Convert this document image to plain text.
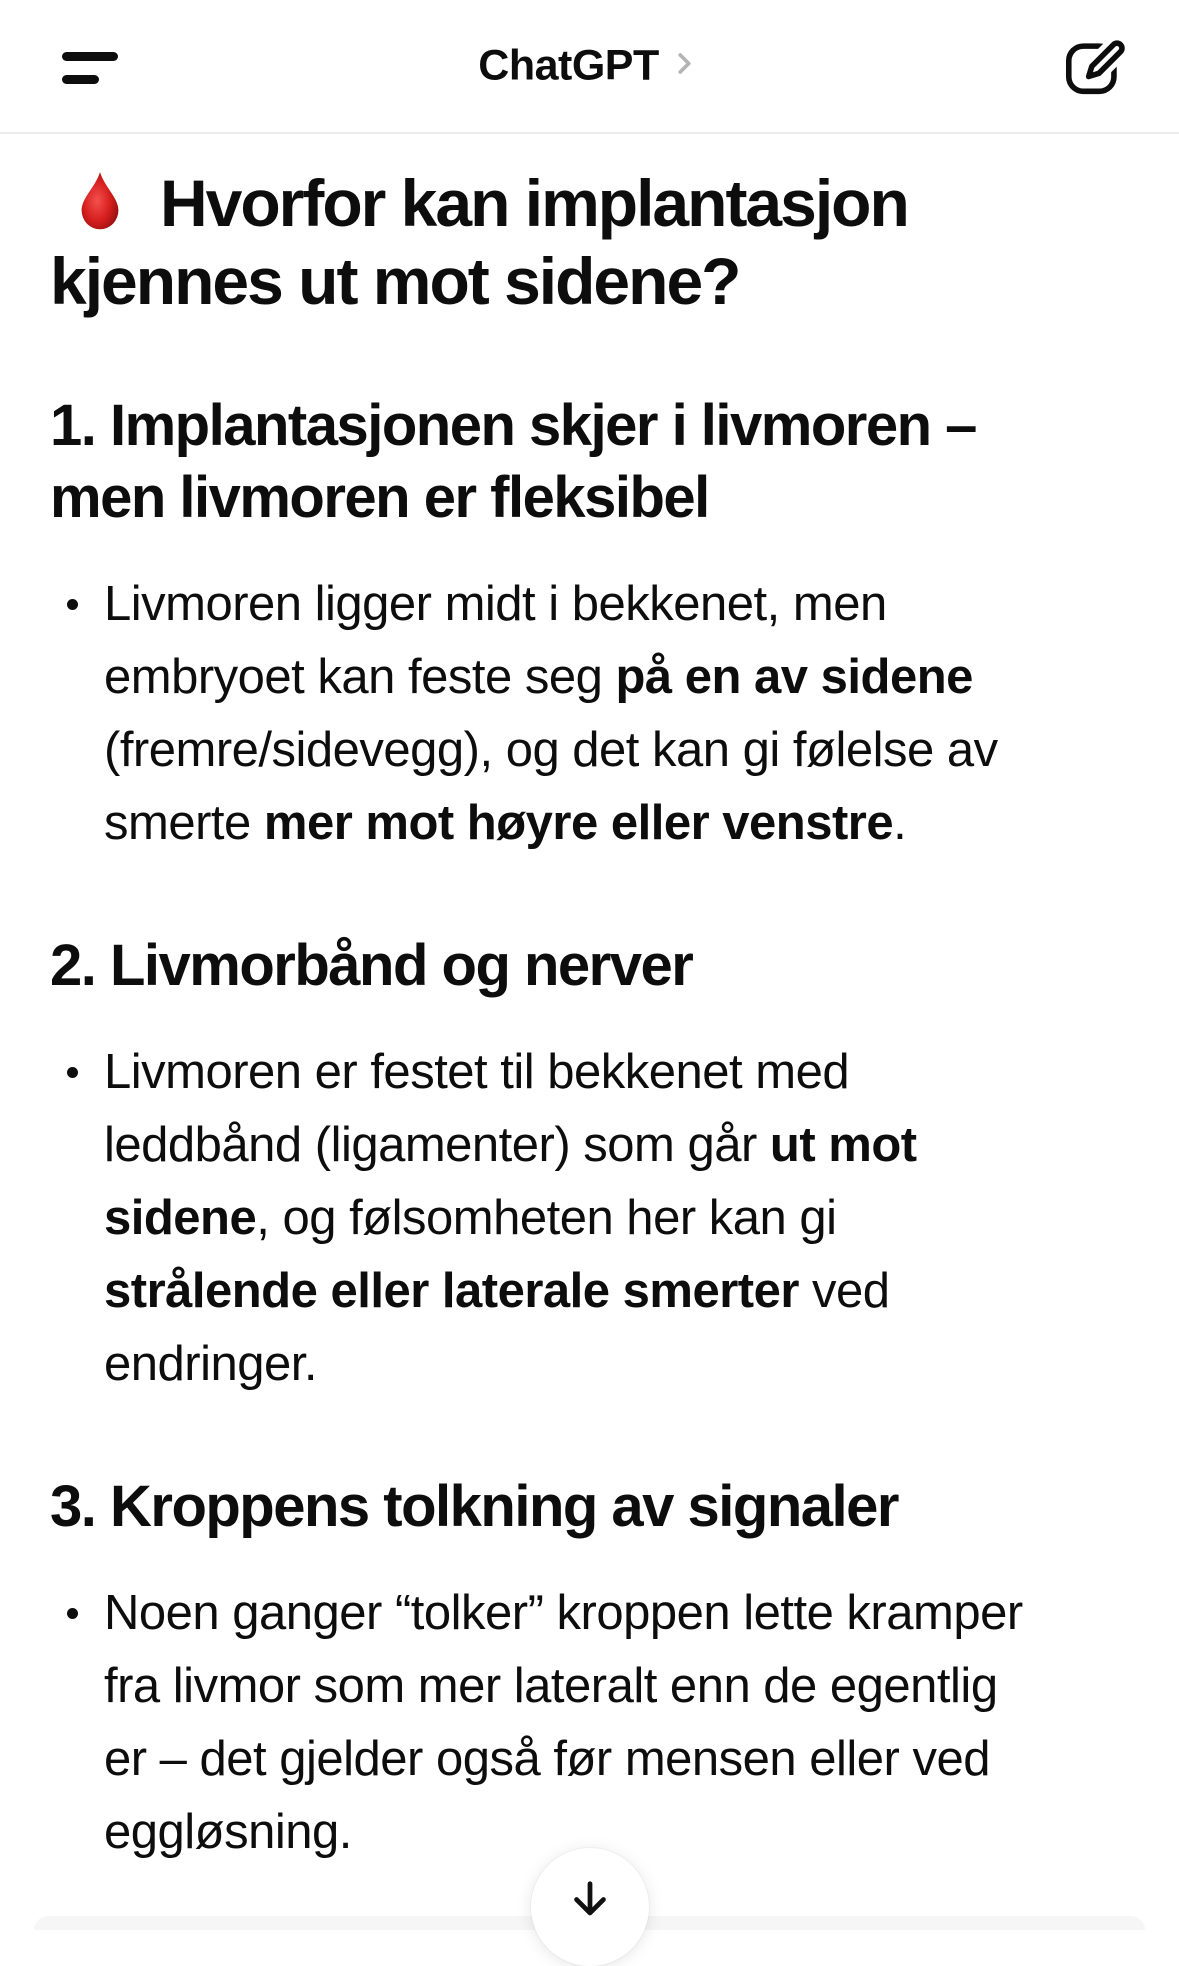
ChatGPT
Hvorfor kan implantasjon
kjennes ut mot sidene?
1. Implantasjonen skjer i livmoren –
men livmoren er fleksibel
Livmoren ligger midt i bekkenet, men
embryoet kan feste seg på en av sidene
(fremre/sidevegg), og det kan gi følelse av
smerte mer mot høyre eller venstre.
2. Livmorbånd og nerver
Livmoren er festet til bekkenet med
leddbånd (ligamenter) som går ut mot
sidene, og følsomheten her kan gi
strålende eller laterale smerter ved
endringer.
3. Kroppens tolkning av signaler
Noen ganger “tolker” kroppen lette kramper
fra livmor som mer lateralt enn de egentlig
er – det gjelder også før mensen eller ved
eggløsning.
